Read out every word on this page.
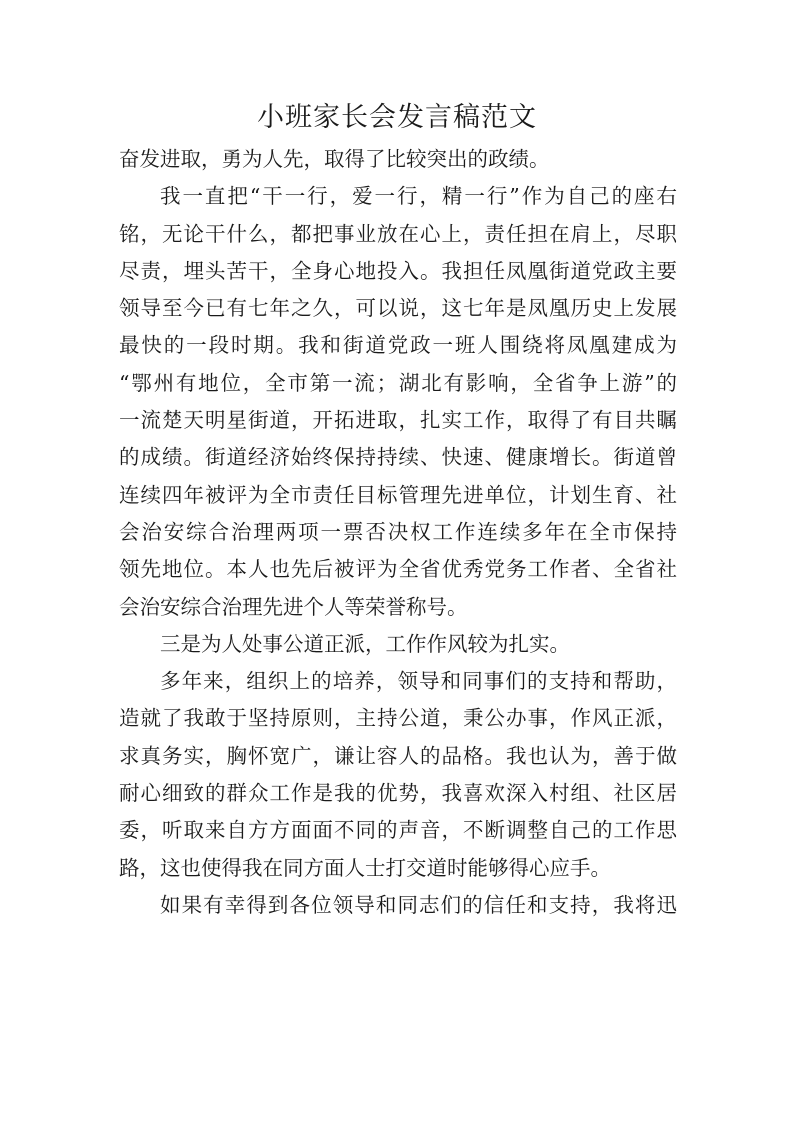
小班家长会发言稿范文
奋发进取，勇为人先，取得了比较突出的政绩。
我一直把“干一行，爱一行，精一行”作为自己的座右
铭，无论干什么，都把事业放在心上，责任担在肩上，尽职
尽责，埋头苦干，全身心地投入。我担任凤凰街道党政主要
领导至今已有七年之久，可以说，这七年是凤凰历史上发展
最快的一段时期。我和街道党政一班人围绕将凤凰建成为
“鄂州有地位，全市第一流；湖北有影响，全省争上游”的
一流楚天明星街道，开拓进取，扎实工作，取得了有目共瞩
的成绩。街道经济始终保持持续、快速、健康增长。街道曾
连续四年被评为全市责任目标管理先进单位，计划生育、社
会治安综合治理两项一票否决权工作连续多年在全市保持
领先地位。本人也先后被评为全省优秀党务工作者、全省社
会治安综合治理先进个人等荣誉称号。
三是为人处事公道正派，工作作风较为扎实。
多年来，组织上的培养，领导和同事们的支持和帮助，
造就了我敢于坚持原则，主持公道，秉公办事，作风正派，
求真务实，胸怀宽广，谦让容人的品格。我也认为，善于做
耐心细致的群众工作是我的优势，我喜欢深入村组、社区居
委，听取来自方方面面不同的声音，不断调整自己的工作思
路，这也使得我在同方面人士打交道时能够得心应手。
如果有幸得到各位领导和同志们的信任和支持，我将迅
